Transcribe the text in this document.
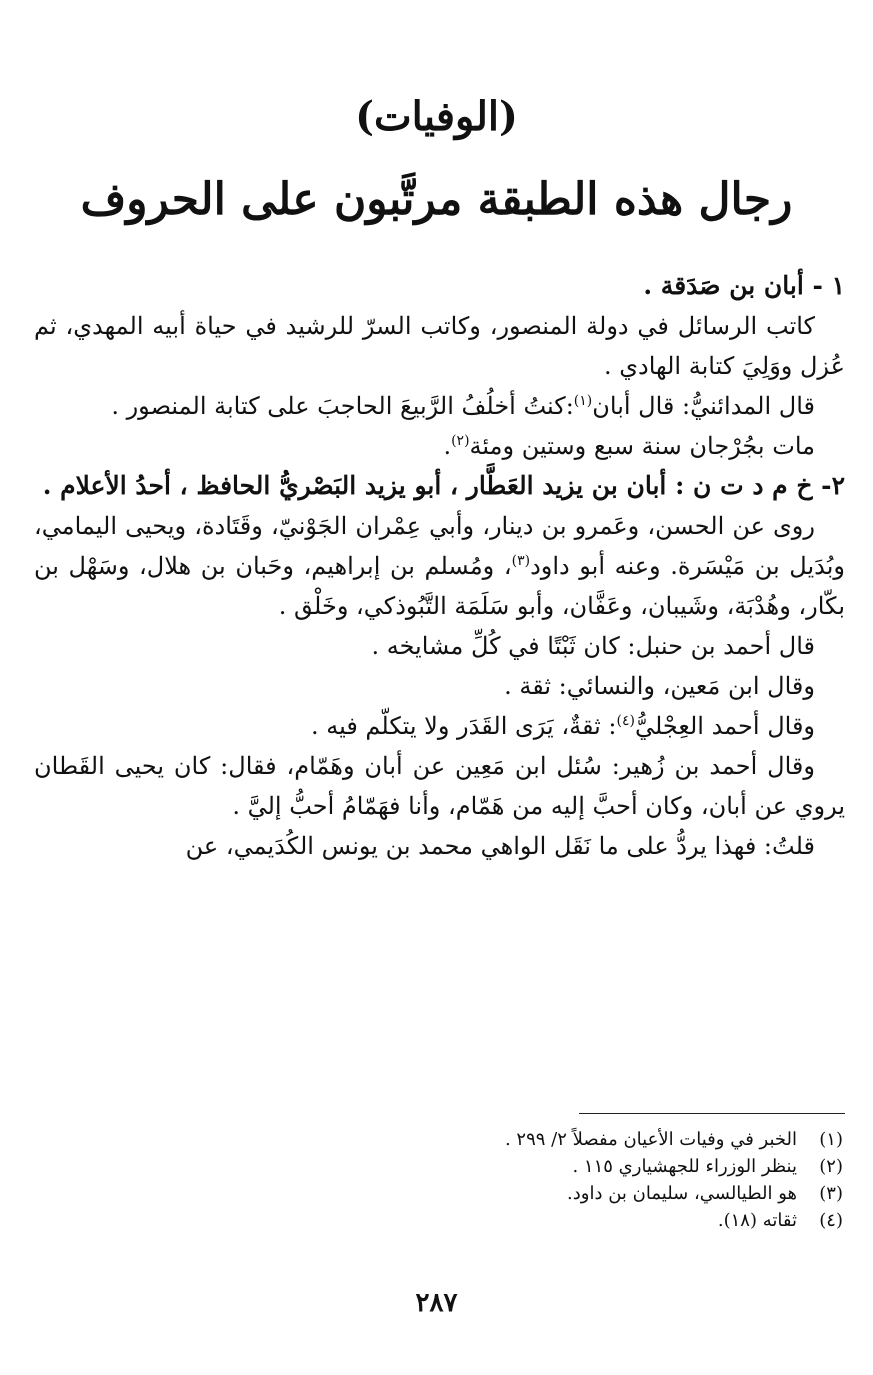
(الوفيات)
رجال هذه الطبقة مرتَّبون على الحروف

١ - أبان بن صَدَقة .

كاتب الرسائل في دولة المنصور، وكاتب السرّ للرشيد في حياة أبيه المهدي، ثم عُزل ووَلِيَ كتابة الهادي .

قال المدائنيُّ: قال أبان$^{(١)}$:كنتُ أخلُفُ الرَّبيعَ الحاجبَ على كتابة المنصور .

مات بجُرْجان سنة سبع وستين ومئة$^{(٢)}$.

٢- خ م د ت ن : أبان بن يزيد العَطَّار ، أبو يزيد البَصْريُّ الحافظ ، أحدُ الأعلام .

روى عن الحسن، وعَمرو بن دينار، وأبي عِمْران الجَوْنيّ، وقَتَادة، ويحيى اليمامي، وبُدَيل بن مَيْسَرة. وعنه أبو داود$^{(٣)}$، ومُسلم بن إبراهيم، وحَبان بن هلال، وسَهْل بن بكّار، وهُدْبَة، وشَيبان، وعَفَّان، وأبو سَلَمَة التَّبُوذكي، وخَلْق .

قال أحمد بن حنبل: كان ثَبْتًا في كُلِّ مشايخه .

وقال ابن مَعين، والنسائي: ثقة .

وقال أحمد العِجْليُّ$^{(٤)}$: ثقةٌ، يَرَى القَدَر ولا يتكلّم فيه .

وقال أحمد بن زُهير: سُئل ابن مَعِين عن أبان وهَمّام، فقال: كان يحيى القَطان يروي عن أبان، وكان أحبَّ إليه من هَمّام، وأنا فهَمّامُ أحبُّ إليَّ .

قلتُ: فهذا يردُّ على ما نَقَل الواهي محمد بن يونس الكُدَيمي، عن

(١)
الخبر في وفيات الأعيان مفصلاً ٢/ ٢٩٩ .
(٢)
ينظر الوزراء للجهشياري ١١٥ .
(٣)
هو الطيالسي، سليمان بن داود.
(٤)
ثقاته (١٨).
٢٨٧
